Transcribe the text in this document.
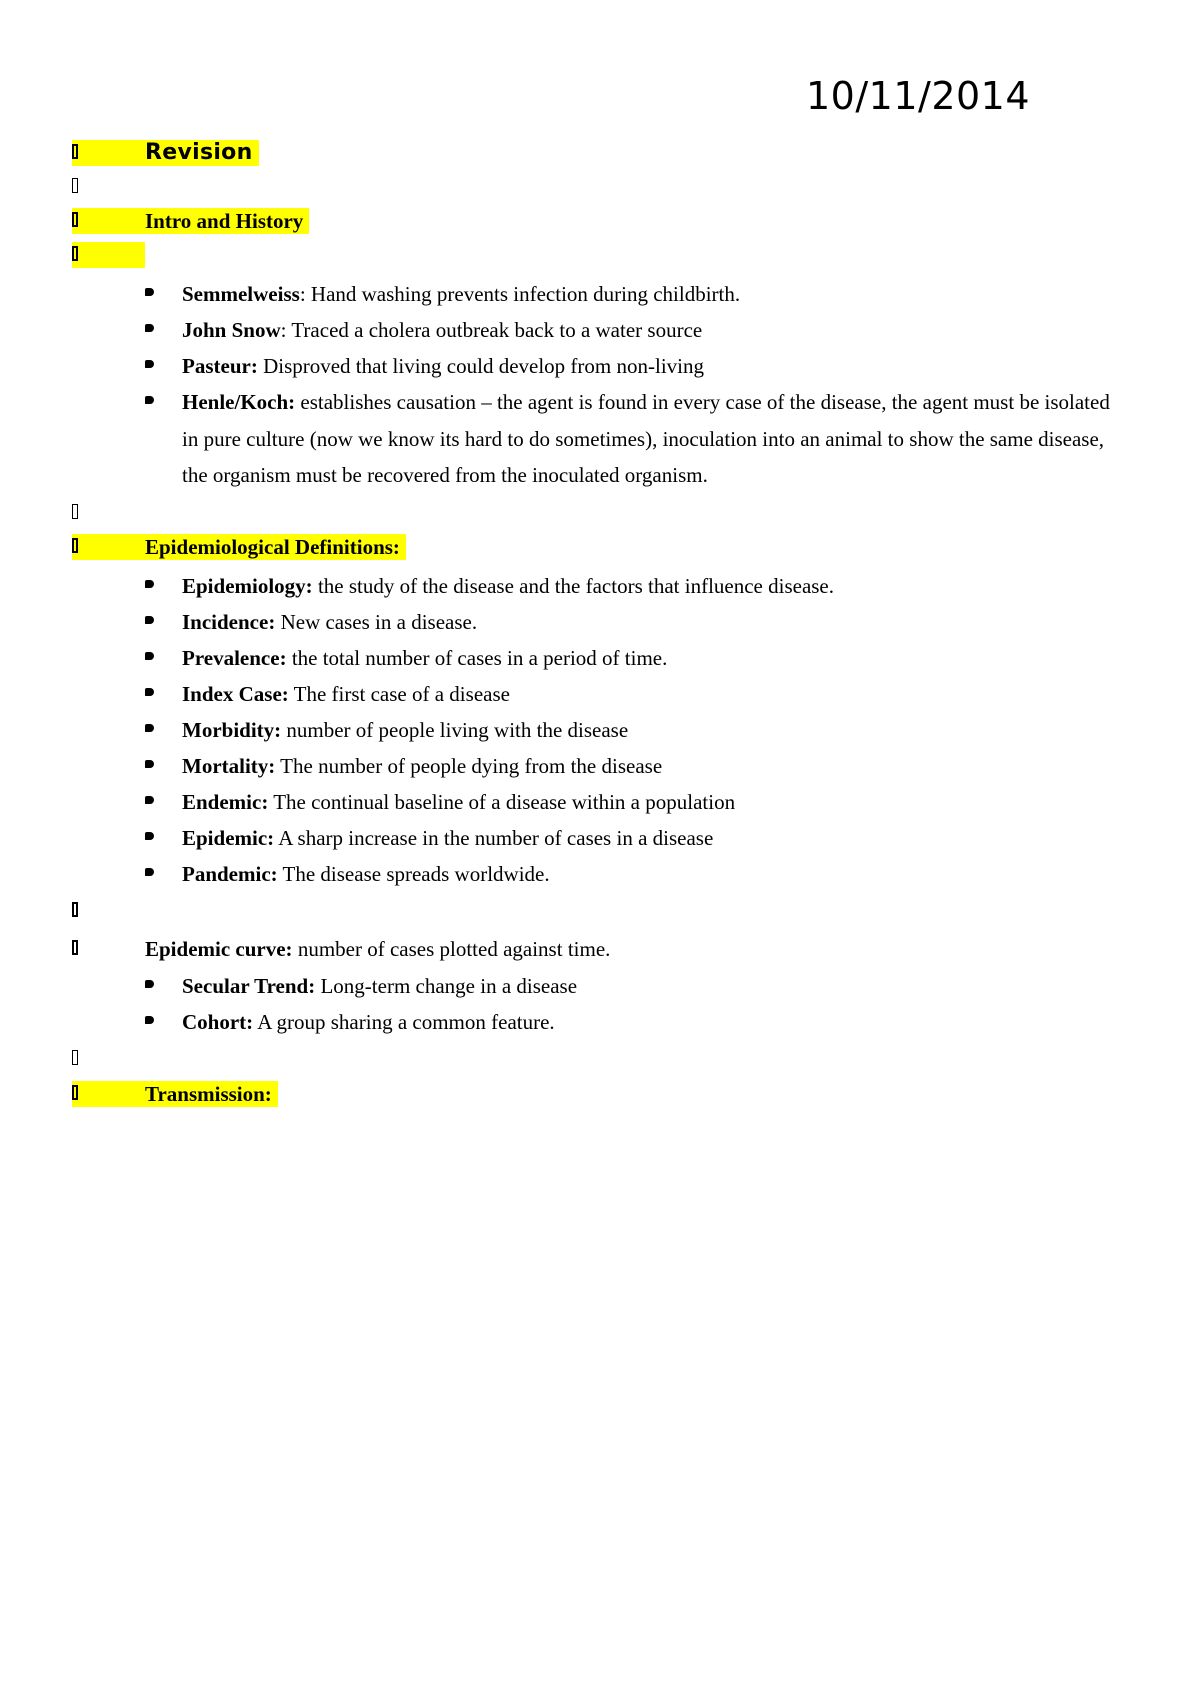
10/11/2014
Revision
Intro and History
Semmelweiss: Hand washing prevents infection during childbirth.
John Snow: Traced a cholera outbreak back to a water source
Pasteur: Disproved that living could develop from non-living
Henle/Koch: establishes causation – the agent is found in every case of the disease, the agent must be isolated in pure culture (now we know its hard to do sometimes), inoculation into an animal to show the same disease, the organism must be recovered from the inoculated organism.
Epidemiological Definitions:
Epidemiology: the study of the disease and the factors that influence disease.
Incidence: New cases in a disease.
Prevalence: the total number of cases in a period of time.
Index Case: The first case of a disease
Morbidity: number of people living with the disease
Mortality: The number of people dying from the disease
Endemic: The continual baseline of a disease within a population
Epidemic: A sharp increase in the number of cases in a disease
Pandemic: The disease spreads worldwide.
Epidemic curve: number of cases plotted against time.
Secular Trend: Long-term change in a disease
Cohort: A group sharing a common feature.
Transmission:
